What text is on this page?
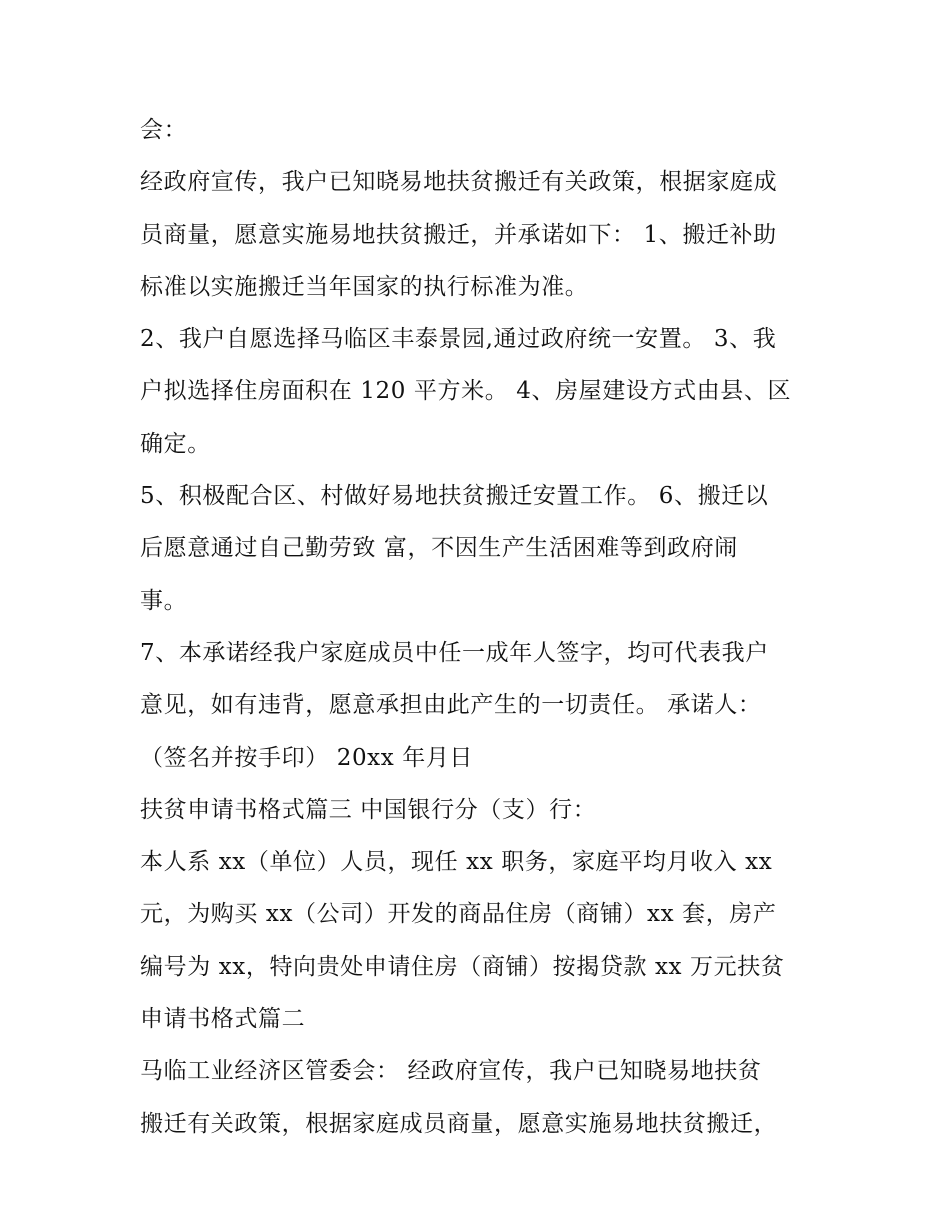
会：
经政府宣传，我户已知晓易地扶贫搬迁有关政策，根据家庭成
员商量，愿意实施易地扶贫搬迁，并承诺如下： 1、搬迁补助
标准以实施搬迁当年国家的执行标准为准。
2、我户自愿选择马临区丰泰景园,通过政府统一安置。 3、我
户拟选择住房面积在 120 平方米。 4、房屋建设方式由县、区
确定。
5、积极配合区、村做好易地扶贫搬迁安置工作。 6、搬迁以
后愿意通过自己勤劳致 富，不因生产生活困难等到政府闹
事。
7、本承诺经我户家庭成员中任一成年人签字，均可代表我户
意见，如有违背，愿意承担由此产生的一切责任。 承诺人：
（签名并按手印） 20xx 年月日
扶贫申请书格式篇三 中国银行分（支）行：
本人系 xx（单位）人员，现任 xx 职务，家庭平均月收入 xx
元，为购买 xx（公司）开发的商品住房（商铺）xx 套，房产
编号为 xx，特向贵处申请住房（商铺）按揭贷款 xx 万元扶贫
申请书格式篇二
马临工业经济区管委会： 经政府宣传，我户已知晓易地扶贫
搬迁有关政策，根据家庭成员商量，愿意实施易地扶贫搬迁，
